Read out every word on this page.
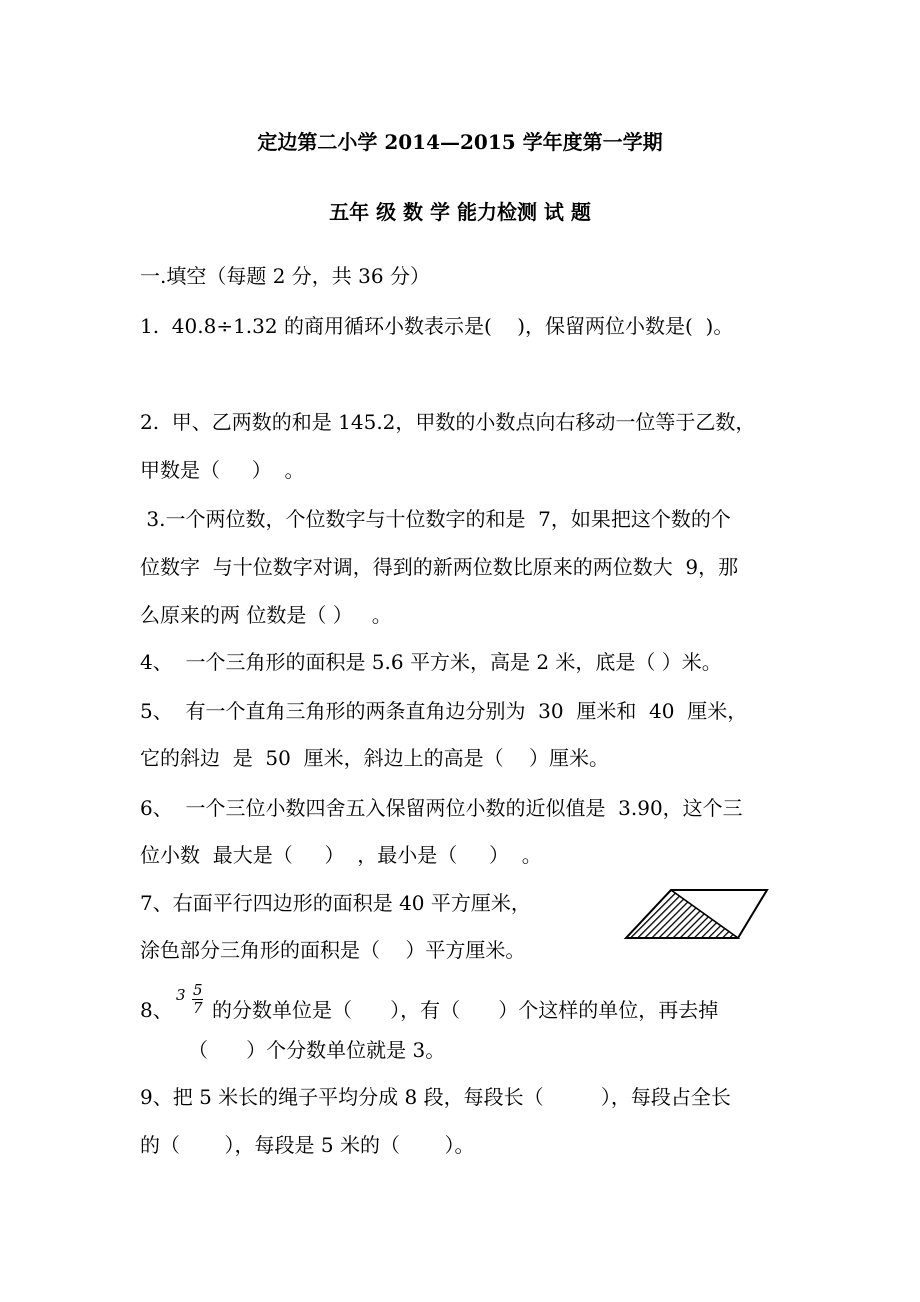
定边第二小学 2014—2015 学年度第一学期
五年 级 数 学 能力检测 试 题
一.填空（每题 2 分，共 36 分）
1.  40.8÷1.32 的商用循环小数表示是(    )，保留两位小数是(  )。
2.  甲、乙两数的和是 145.2，甲数的小数点向右移动一位等于乙数，
甲数是（     ）  。
3.一个两位数，个位数字与十位数字的和是  7，如果把这个数的个
位数字  与十位数字对调，得到的新两位数比原来的两位数大  9，那
么原来的两 位数是（ ）   。
4、  一个三角形的面积是 5.6 平方米，高是 2 米，底是（ ）米。
5、  有一个直角三角形的两条直角边分别为  30  厘米和  40  厘米，
它的斜边  是  50  厘米，斜边上的高是（    ）厘米。
6、  一个三位小数四舍五入保留两位小数的近似值是  3.90，这个三
位小数  最大是（     ）  ，最小是（     ）  。
7、右面平行四边形的面积是 40 平方厘米，
涂色部分三角形的面积是（    ）平方厘米。
8、
3 5
7 的分数单位是（      ），有（      ）个这样的单位，再去掉
（      ）个分数单位就是 3。
9、把 5 米长的绳子平均分成 8 段，每段长（         ），每段占全长
的（       ），每段是 5 米的（       ）。
